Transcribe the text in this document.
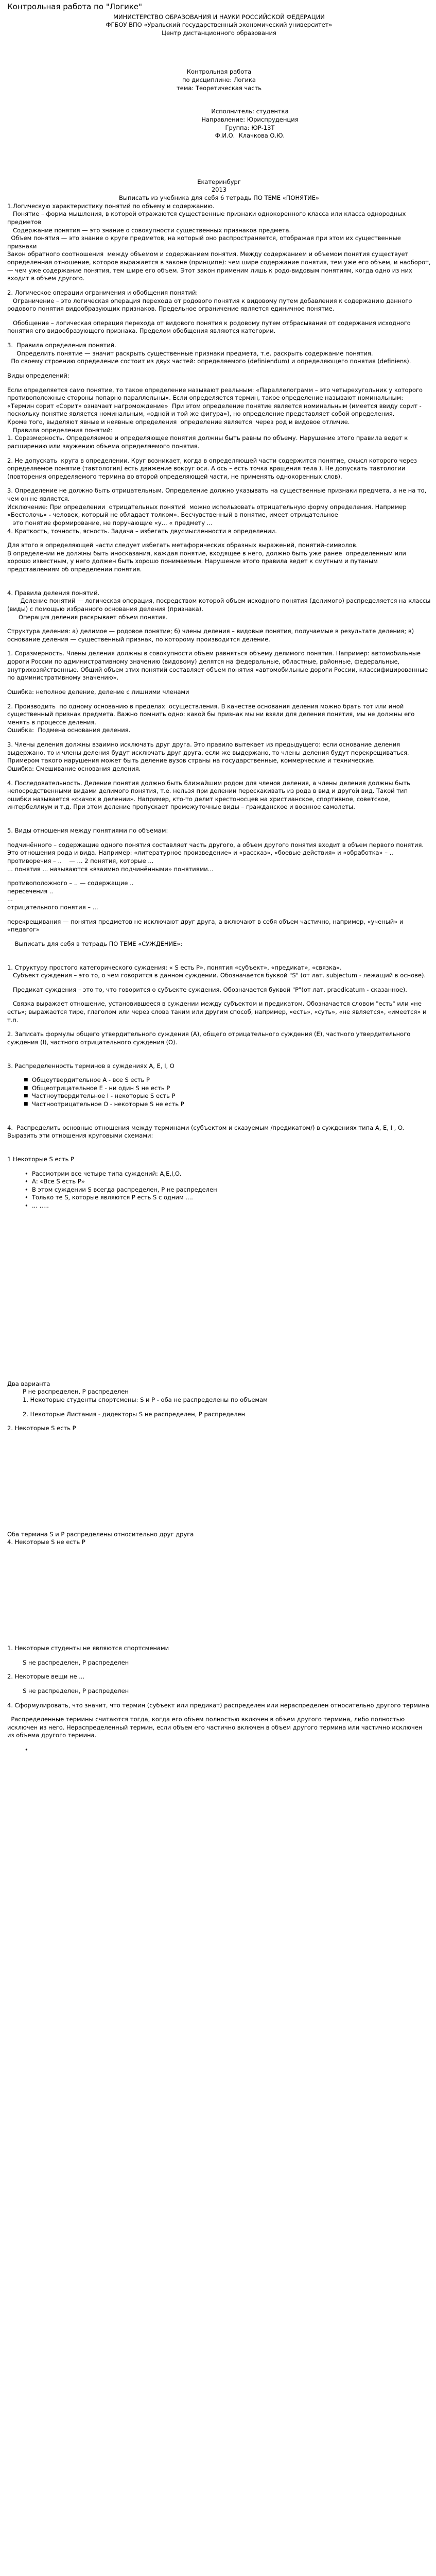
Контрольная работа по "Логике"
МИНИСТЕРСТВО ОБРАЗОВАНИЯ И НАУКИ РОССИЙСКОЙ ФЕДЕРАЦИИ
ФГБОУ ВПО «Уральский государственный экономический университет»
Центр дистанционного образования
Контрольная работа
по дисциплине: Логика
тема: Теоретическая часть
Исполнитель: студентка
Направление: Юриспруденция
Группа: ЮР-13Т
Ф.И.О.  Клачкова О.Ю.
Екатеринбург
2013
Выписать из учебника для себя 6 тетрадь ПО ТЕМЕ «ПОНЯТИЕ»
1.Логическую характеристику понятий по объему и содержанию.
Понятие – форма мышления, в которой отражаются существенные признаки однокоренного класса или класса однородных предметов
Содержание понятия — это знание о совокупности существенных признаков предмета.
Объем понятия — это знание о круге предметов, на который оно распространяется, отображая при этом их существенные признаки
Закон обратного соотношения  между объемом и содержанием понятия. Между содержанием и объемом понятия существует определенная отношение, которое выражается в законе (принципе): чем шире содержание понятия, тем уже его объем, и наоборот, — чем уже содержание понятия, тем шире его объем. Этот закон применим лишь к родо-видовым понятиям, когда одно из них входит в объем другого.
2. Логическое операции ограничения и обобщения понятий:
Ограничение – это логическая операция перехода от родового понятия к видовому путем добавления к содержанию данного родового понятия видообразующих признаков. Предельное ограничение является единичное понятие.
Обобщение – логическая операция перехода от видового понятия к родовому путем отбрасывания от содержания исходного понятия его видообразующего признака. Пределом обобщения являются категории.
3.  Правила определения понятий.
Определить понятие — значит раскрыть существенные признаки предмета, т.е. раскрыть содержание понятия.
По своему строению определение состоит из двух частей: определяемого (definiendum) и определяющего понятия (definiens).
Виды определений:
Если определяется само понятие, то такое определение называют реальным: «Параллелограмм – это четырехугольник у которого противоположные стороны попарно параллельны». Если определяется термин, такое определение называют номинальным: «Термин сорит «Сорит» означает нагромождение»  При этом определение понятие является номинальным (имеется ввиду сорит - поскольку понятие является номинальным, «одной и той же фигура»), но определение представляет собой определения.
Кроме того, выделяют явные и неявные определения  определение является  через род и видовое отличие.
Правила определения понятий:
1. Соразмерность. Определяемое и определяющее понятия должны быть равны по объему. Нарушение этого правила ведет к расширению или заужению объема определяемого понятия.
2. Не допускать  круга в определении. Круг возникает, когда в определяющей части содержится понятие, смысл которого через определяемое понятие (тавтология) есть движение вокруг оси. А ось – есть точка вращения тела ). Не допускать тавтологии (повторения определяемого термина во второй определяющей части, не применять однокоренных слов).
3. Определение не должно быть отрицательным. Определение должно указывать на существенные признаки предмета, а не на то, чем он не является.
Исключение: При определении  отрицательных понятий  можно использовать отрицательную форму определения. Например «Бестолочь» - человек, который не обладает толком». Бесчувственный в понятие, имеет отрицательное
это понятие формирование, не поручающие «у... « предмету ...
4. Краткость, точность, ясность. Задача – избегать двусмысленности в определении.
Для этого в определяющей части следует избегать метафорических образных выражений, понятий-символов.
В определении не должны быть иносказания, каждая понятие, входящее в него, должно быть уже ранее  определенным или хорошо известным, у него должен быть хорошо понимаемым. Нарушение этого правила ведет к смутным и путаным представлениям об определении понятия.
4. Правила деления понятий.
Деление понятий — логическая операция, посредством которой объем исходного понятия (делимого) распределяется на классы (виды) с помощью избранного основания деления (признака).
Операция деления раскрывает объем понятия.
Структура деления: а) делимое — родовое понятие; б) члены деления – видовые понятия, получаемые в результате деления; в) основание деления — существенный признак, по которому производится деление.
1. Соразмерность. Члены деления должны в совокупности объем равняться объему делимого понятия. Например: автомобильные дороги России по административному значению (видовому) делятся на федеральные, областные, районные, федеральные, внутрихозяйственные. Общий объем этих понятий составляет объем понятия «автомобильные дороги России, классифицированные по административному значению».
Ошибка: неполное деление, деление с лишними членами
2. Производить  по одному основанию в пределах  осуществления. В качестве основания деления можно брать тот или иной существенный признак предмета. Важно помнить одно: какой бы признак мы ни взяли для деления понятия, мы не должны его менять в процессе деления.
Ошибка:  Подмена основания деления.
3. Члены деления должны взаимно исключать друг друга. Это правило вытекает из предыдущего: если основание деления выдержано, то и члены деления будут исключать друг друга, если же выдержано, то члены деления будут перекрещиваться. Примером такого нарушения может быть деление вузов страны на государственные, коммерческие и технические.
Ошибка: Смешивание основания деления.
4. Последовательность. Деление понятия должно быть ближайшим родом для членов деления, а члены деления должны быть непосредственными видами делимого понятия, т.е. нельзя при делении перескакивать из рода в вид и другой вид. Такой тип ошибки называется «скачок в делении». Например, кто-то делит крестоносцев на христианское, спортивное, советское, интербеллиум и т.д. При этом деление пропускает промежуточные виды – гражданское и военное самолеты.
5. Виды отношения между понятиями по объемам:
подчинённого – содержащие одного понятия составляет часть другого, а объем другого понятия входит в объем первого понятия. Это отношения рода и вида. Например: «литературное произведение» и «рассказ», «боевые действия» и «обработка» – ..
противоречия – ..    — ... 2 понятия, которые ...
... понятия ... называются «взаимно подчинёнными» понятиями...
противоположного – .. — содержащие ..
пересечения ..
...
отрицательного понятия – ...
перекрещивания — понятия предметов не исключают друг друга, а включают в себя объем частично, например, «ученый» и «педагог»
Выписать для себя в тетрадь ПО ТЕМЕ «СУЖДЕНИЕ»:
1. Структуру простого категорического суждения: « S есть Р», понятия «субъект», «предикат», «связка».
Субъект суждения – это то, о чем говорится в данном суждении. Обозначается буквой "S" (от лат. subjectum - лежащий в основе).
Предикат суждения – это то, что говорится о субъекте суждения. Обозначается буквой "P"(от лат. praedicatum - сказанное).
Связка выражает отношение, установившееся в суждении между субъектом и предикатом. Обозначается словом "есть" или «не есть»; выражается тире, глаголом или через слова таким или другим способ, например, «есть», «суть», «не является», «имеется» и т.п.
2. Записать формулы общего утвердительного суждения (А), общего отрицательного суждения (Е), частного утвердительного суждения (I), частного отрицательного суждения (О).
3. Распределенность терминов в суждениях А, Е, I, О
■ Общеутвердительное А - все S есть P
■ Общеотрицательное Е - ни один S не есть P
■ Частноутвердительное I - некоторые S есть P
■ Частноотрицательное О - некоторые S не есть P
4.  Распределить основные отношения между терминами (субъектом и сказуемым /предикатом/) в суждениях типа A, E, I , O.  Выразить эти отношения круговыми схемами:
1 Некоторые S есть P
• Рассмотрим все четыре типа суждений: A,E,I,O.
• А: «Все S есть P»
• В этом суждении S всегда распределен, Р не распределен
• Только те S, которые являются Р есть S с одним ....
• ... .....
Два варианта
Р не распределен, Р распределен
1. Некоторые студенты спортсмены: S и P - оба не распределены по объемам
2. Некоторые Листания - дидекторы S не распределен, P распределен
2. Некоторые S есть P
Оба термина S и P распределены относительно друг друга
4. Некоторые S не есть Р
1. Некоторые студенты не являются спортсменами
S не распределен, Р распределен
2. Некоторые вещи не ...
S не распределен, Р распределен
4. Сформулировать, что значит, что термин (субъект или предикат) распределен или нераспределен относительно другого термина
Распределенные термины считаются тогда, когда его объем полностью включен в объем другого термина, либо полностью исключен из него. Нераспределенный термин, если объем его частично включен в объем другого термина или частично исключен из объема другого термина.
